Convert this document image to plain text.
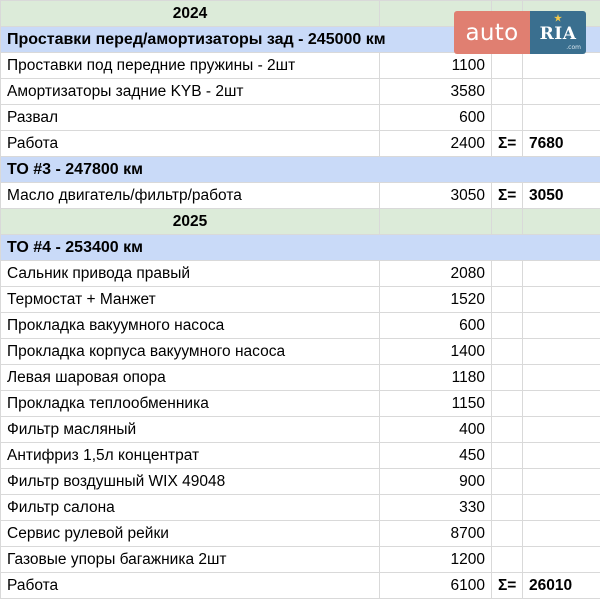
2024			
Проставки перед/амортизаторы зад - 245000 км			
Проставки под передние пружины - 2шт	1100		
Амортизаторы задние KYB - 2шт	3580		
Развал	600		
Работа	2400	Σ=	7680
ТО #3 - 247800 км			
Масло двигатель/фильтр/работа	3050	Σ=	3050
2025			
ТО #4 - 253400 км			
Сальник привода правый	2080		
Термостат + Манжет	1520		
Прокладка вакуумного насоса	600		
Прокладка корпуса вакуумного насоса	1400		
Левая шаровая опора	1180		
Прокладка теплообменника	1150		
Фильтр масляный	400		
Антифриз 1,5л концентрат	450		
Фильтр воздушный WIX 49048	900		
Фильтр салона	330		
Сервис рулевой рейки	8700		
Газовые упоры багажника 2шт	1200		
Работа	6100	Σ=	26010
auto	RIA
.com
